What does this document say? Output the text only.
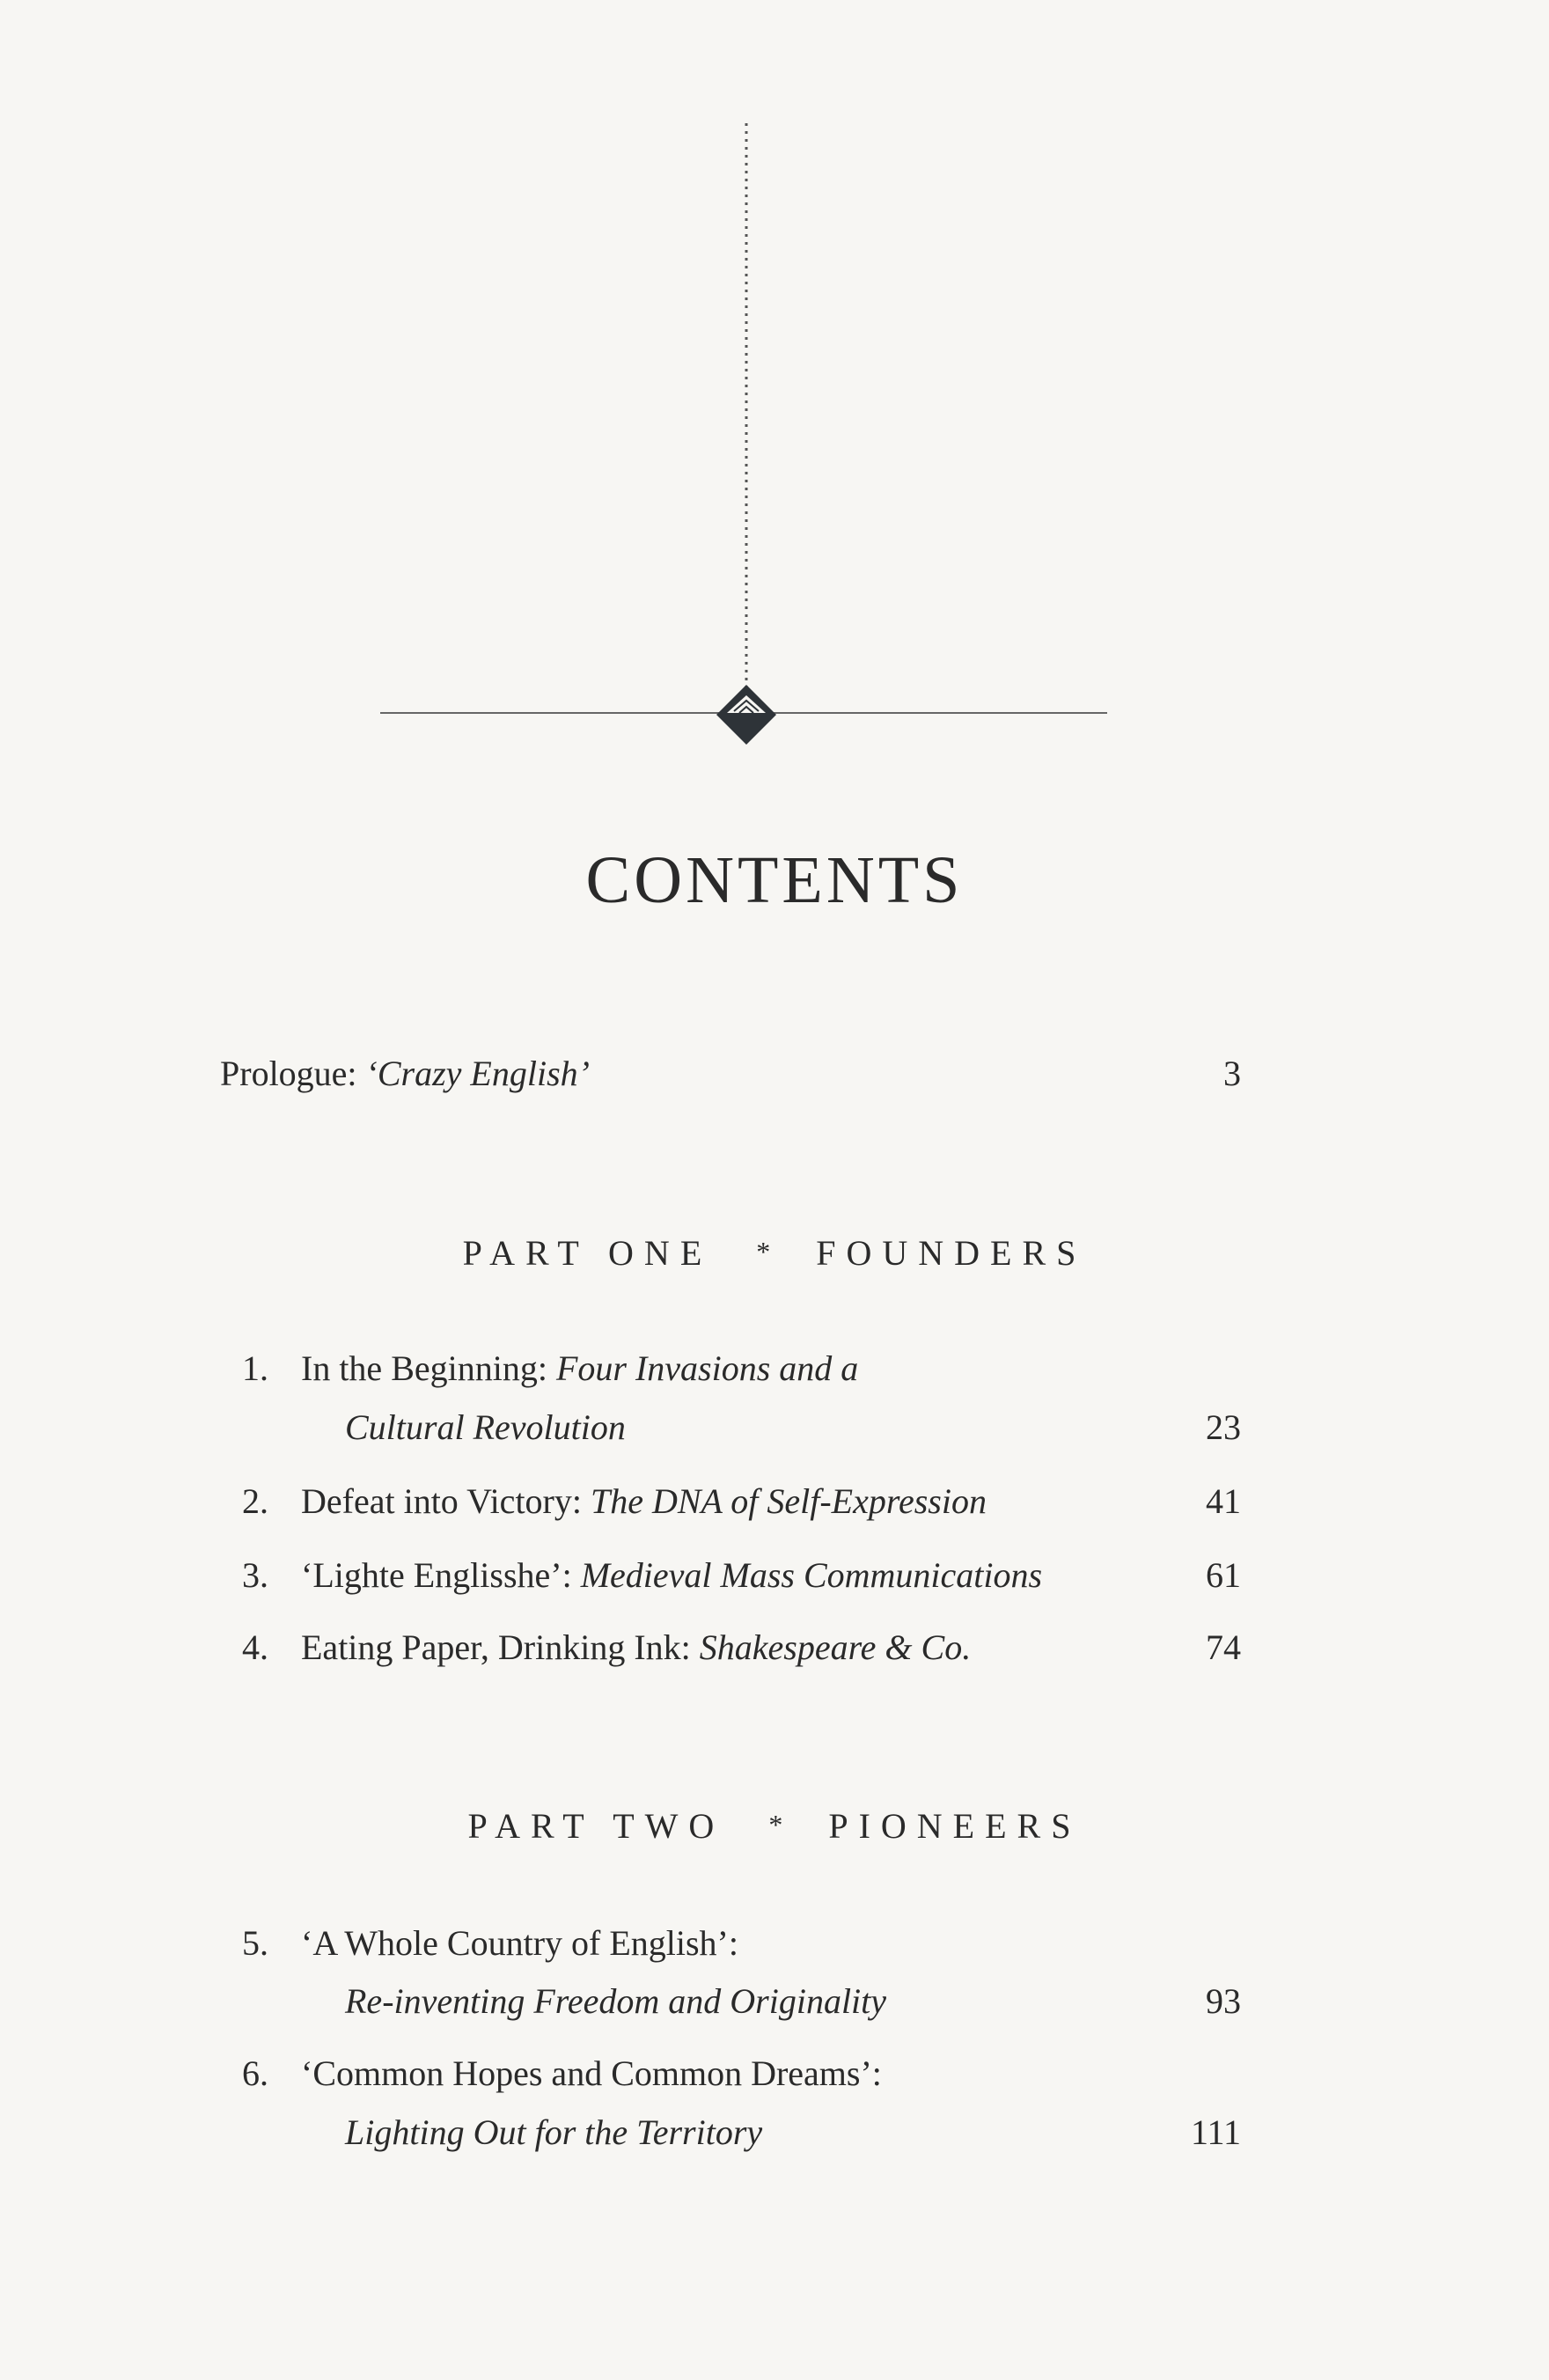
CONTENTS
Prologue: ‘Crazy English’	3
PART ONE * FOUNDERS
1. In the Beginning: Four Invasions and a
Cultural Revolution	23
2. Defeat into Victory: The DNA of Self-Expression	41
3. ‘Lighte Englisshe’: Medieval Mass Communications	61
4. Eating Paper, Drinking Ink: Shakespeare & Co.	74
PART TWO * PIONEERS
5. ‘A Whole Country of English’:
Re-inventing Freedom and Originality	93
6. ‘Common Hopes and Common Dreams’:
Lighting Out for the Territory	111
